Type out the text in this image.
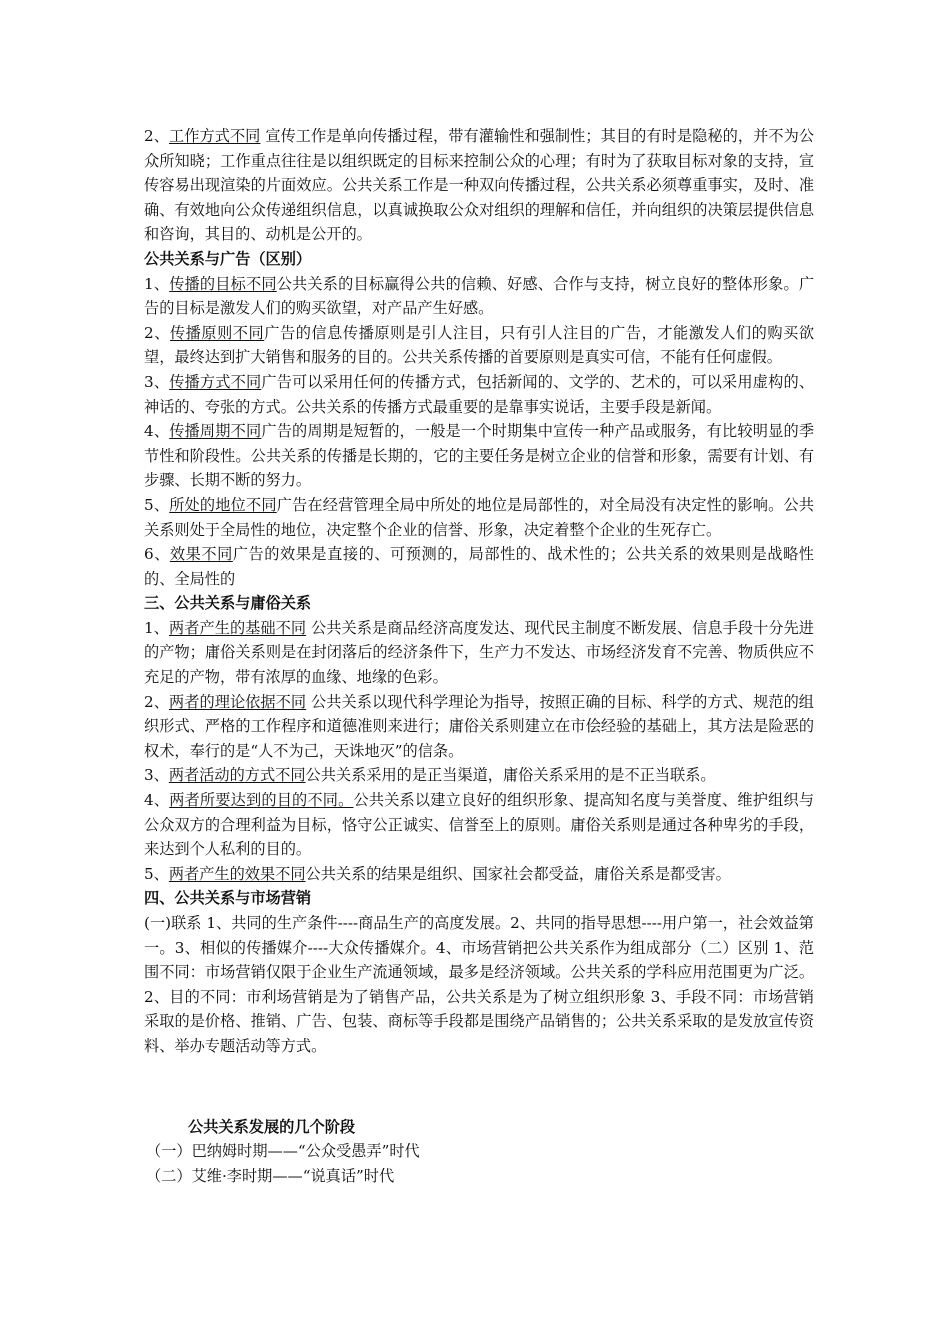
2、工作方式不同 宣传工作是单向传播过程，带有灌输性和强制性；其目的有时是隐秘的，并不为公众所知晓；工作重点往往是以组织既定的目标来控制公众的心理；有时为了获取目标对象的支持，宣传容易出现渲染的片面效应。公共关系工作是一种双向传播过程，公共关系必须尊重事实，及时、准确、有效地向公众传递组织信息，以真诚换取公众对组织的理解和信任，并向组织的决策层提供信息和咨询，其目的、动机是公开的。

公共关系与广告（区别）

1、传播的目标不同公共关系的目标赢得公共的信赖、好感、合作与支持，树立良好的整体形象。广告的目标是激发人们的购买欲望，对产品产生好感。

2、传播原则不同广告的信息传播原则是引人注目，只有引人注目的广告，才能激发人们的购买欲望，最终达到扩大销售和服务的目的。公共关系传播的首要原则是真实可信，不能有任何虚假。

3、传播方式不同广告可以采用任何的传播方式，包括新闻的、文学的、艺术的，可以采用虚构的、神话的、夸张的方式。公共关系的传播方式最重要的是靠事实说话，主要手段是新闻。

4、传播周期不同广告的周期是短暂的，一般是一个时期集中宣传一种产品或服务，有比较明显的季节性和阶段性。公共关系的传播是长期的，它的主要任务是树立企业的信誉和形象，需要有计划、有步骤、长期不断的努力。

5、所处的地位不同广告在经营管理全局中所处的地位是局部性的，对全局没有决定性的影响。公共关系则处于全局性的地位，决定整个企业的信誉、形象，决定着整个企业的生死存亡。

6、效果不同广告的效果是直接的、可预测的，局部性的、战术性的；公共关系的效果则是战略性的、全局性的

三、公共关系与庸俗关系

1、两者产生的基础不同 公共关系是商品经济高度发达、现代民主制度不断发展、信息手段十分先进的产物；庸俗关系则是在封闭落后的经济条件下，生产力不发达、市场经济发育不完善、物质供应不充足的产物，带有浓厚的血缘、地缘的色彩。

2、两者的理论依据不同 公共关系以现代科学理论为指导，按照正确的目标、科学的方式、规范的组织形式、严格的工作程序和道德准则来进行；庸俗关系则建立在市侩经验的基础上，其方法是险恶的权术，奉行的是“人不为己，天诛地灭”的信条。

3、两者活动的方式不同公共关系采用的是正当渠道，庸俗关系采用的是不正当联系。

4、两者所要达到的目的不同。公共关系以建立良好的组织形象、提高知名度与美誉度、维护组织与公众双方的合理利益为目标，恪守公正诚实、信誉至上的原则。庸俗关系则是通过各种卑劣的手段，来达到个人私利的目的。

5、两者产生的效果不同公共关系的结果是组织、国家社会都受益，庸俗关系是都受害。

四、公共关系与市场营销

(一)联系 1、共同的生产条件----商品生产的高度发展。2、共同的指导思想----用户第一，社会效益第一。3、相似的传播媒介----大众传播媒介。4、市场营销把公共关系作为组成部分（二）区别 1、范围不同：市场营销仅限于企业生产流通领域，最多是经济领域。公共关系的学科应用范围更为广泛。2、目的不同：市利场营销是为了销售产品，公共关系是为了树立组织形象 3、手段不同：市场营销采取的是价格、推销、广告、包装、商标等手段都是围绕产品销售的；公共关系采取的是发放宣传资料、举办专题活动等方式。

公共关系发展的几个阶段

（一）巴纳姆时期——“公众受愚弄”时代

（二）艾维·李时期——“说真话”时代
